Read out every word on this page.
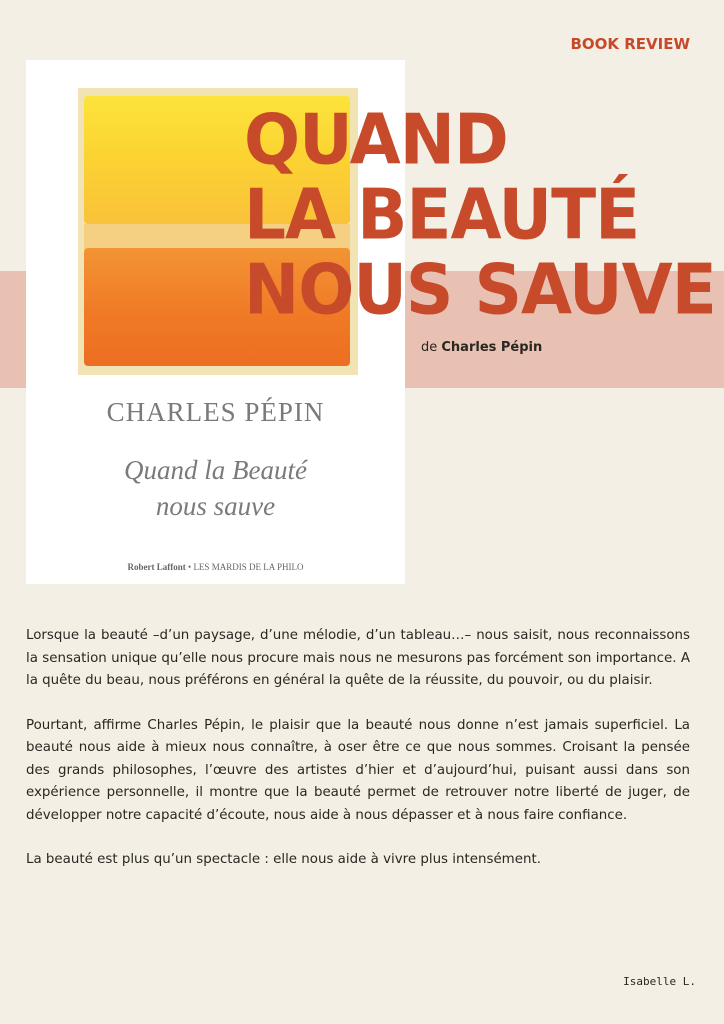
BOOK REVIEW
CHARLES PÉPIN
Quand la Beauté
nous sauve
Robert Laffont • LES MARDIS DE LA PHILO
QUAND
LA BEAUTÉ
NOUS SAUVE
de Charles Pépin

Lorsque la beauté –d’un paysage, d’une mélodie, d’un tableau…– nous saisit, nous reconnaissons la sensation unique qu’elle nous procure mais nous ne mesurons pas forcément son importance. A la quête du beau, nous préférons en général la quête de la réussite, du pouvoir, ou du plaisir.

Pourtant, affirme Charles Pépin, le plaisir que la beauté nous donne n’est jamais superficiel. La beauté nous aide à mieux nous connaître, à oser être ce que nous sommes. Croisant la pensée des grands philosophes, l’œuvre des artistes d’hier et d’aujourd’hui, puisant aussi dans son expérience personnelle, il montre que la beauté permet de retrouver notre liberté de juger, de développer notre capacité d’écoute, nous aide à nous dépasser et à nous faire confiance.

La beauté est plus qu’un spectacle : elle nous aide à vivre plus intensément.

Isabelle L.
